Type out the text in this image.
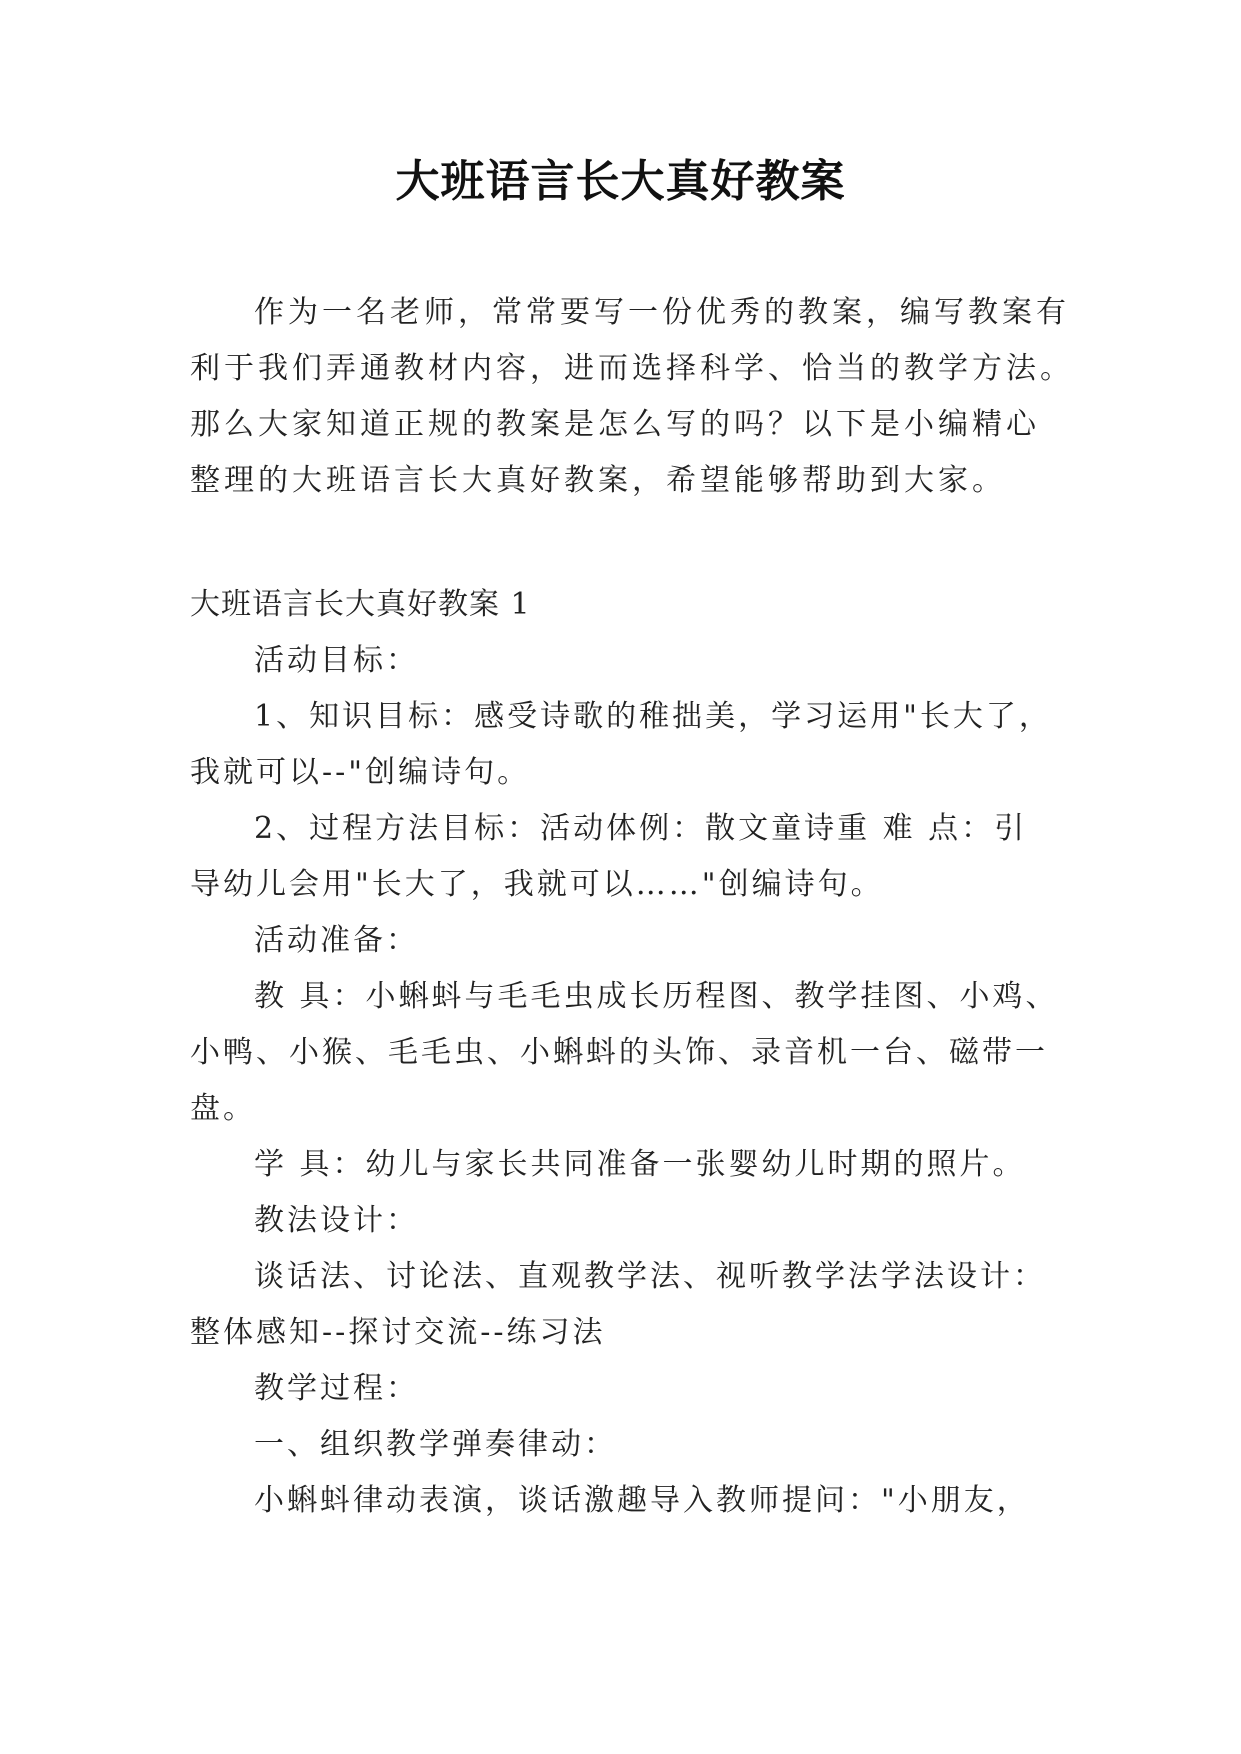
大班语言长大真好教案
作为一名老师，常常要写一份优秀的教案，编写教案有
利于我们弄通教材内容，进而选择科学、恰当的教学方法。
那么大家知道正规的教案是怎么写的吗？以下是小编精心
整理的大班语言长大真好教案，希望能够帮助到大家。
大班语言长大真好教案 1
活动目标：
1、知识目标：感受诗歌的稚拙美，学习运用"长大了，
我就可以--"创编诗句。
2、过程方法目标：活动体例：散文童诗重 难 点：引
导幼儿会用"长大了，我就可以……"创编诗句。
活动准备：
教 具：小蝌蚪与毛毛虫成长历程图、教学挂图、小鸡、
小鸭、小猴、毛毛虫、小蝌蚪的头饰、录音机一台、磁带一
盘。
学 具：幼儿与家长共同准备一张婴幼儿时期的照片。
教法设计：
谈话法、讨论法、直观教学法、视听教学法学法设计：
整体感知--探讨交流--练习法
教学过程：
一、组织教学弹奏律动：
小蝌蚪律动表演，谈话激趣导入教师提问："小朋友，
